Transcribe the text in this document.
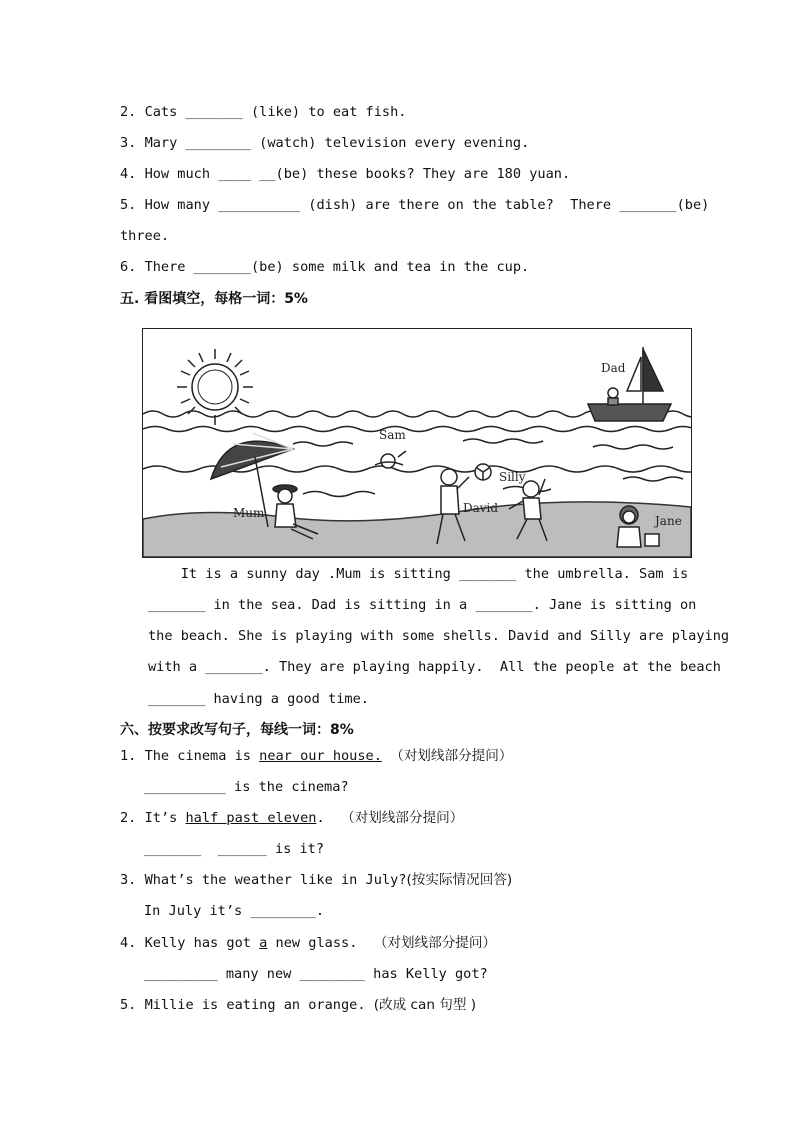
2. Cats _______ (like) to eat fish.
3. Mary ________ (watch) television every evening.
4. How much ____ __(be) these books? They are 180 yuan.
5. How many __________ (dish) are there on the table? There _______(be)
three.
6. There _______(be) some milk and tea in the cup.
五. 看图填空，每格一词：5%
Dad
Sam
Mum	David
Silly
Jane
It is a sunny day .Mum is sitting _______ the umbrella. Sam is
_______ in the sea. Dad is sitting in a _______. Jane is sitting on
the beach. She is playing with some shells. David and Silly are playing
with a _______. They are playing happily.  All the people at the beach
_______ having a good time.
六、按要求改写句子，每线一词：8%
1. The cinema is near our house. （对划线部分提问）
__________ is the cinema?
2. It’s half past eleven. （对划线部分提问）
_______  ______ is it?
3. What’s the weather like in July?(按实际情况回答)
In July it’s ________.
4. Kelly has got a new glass. （对划线部分提问）
_________ many new ________ has Kelly got?
5. Millie is eating an orange. (改成 can 句型 )
